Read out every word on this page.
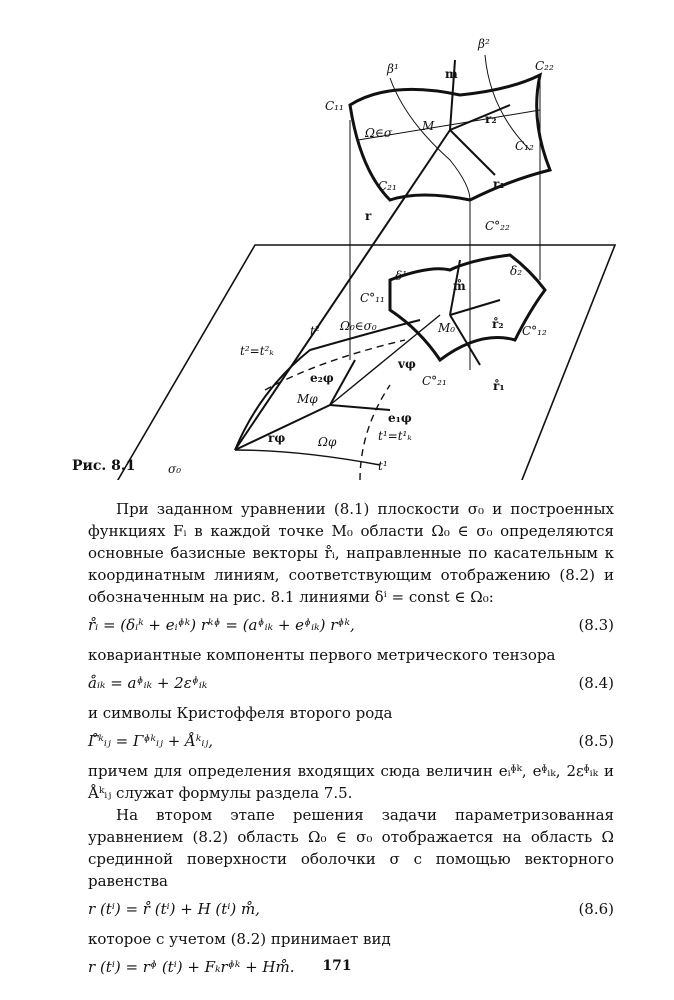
β¹
β²
m
C₂₂
C₁₁
Ω∈σ M	r₂
C₁₂
C₂₁	r₁
r
C°₂₂
δ¹	δ₂
m̊
C°₁₁
Ω₀∈σ₀	M₀	r̊₂ C°₁₂
C°₂₁	r̊₁
t²=t²ₖ
t²
vφ
e₂φ
Mφ
e₁φ
t¹=t¹ₖ
rφ	Ωφ
t¹
σ₀
Рис. 8.1

При заданном уравнении (8.1) плоскости σ₀ и построенных функциях Fᵢ в каждой точке M₀ области Ω₀ ∈ σ₀ определяются основные базисные векторы r̊ᵢ, направленные по касательным к координатным линиям, соответствующим отображению (8.2) и обозначенным на рис. 8.1 линиями δⁱ = const ∈ Ω₀:

r̊ᵢ = (δᵢᵏ + eᵢᶲᵏ) rᵏᶲ = (aᶲᵢₖ + eᶲᵢₖ) rᶲᵏ,	(8.3)

ковариантные компоненты первого метрического тензора

åᵢₖ = aᶲᵢₖ + 2εᶲᵢₖ	(8.4)

и символы Кристоффеля второго рода

Γ̊ᵏᵢⱼ = Γᶲᵏᵢⱼ + Åᵏᵢⱼ,	(8.5)

причем для определения входящих сюда величин eᵢᶲᵏ, eᶲᵢₖ, 2εᶲᵢₖ и Åᵏᵢⱼ служат формулы раздела 7.5.

На втором этапе решения задачи параметризованная уравнением (8.2) область Ω₀ ∈ σ₀ отображается на область Ω срединной поверхности оболочки σ с помощью векторного равенства

r (tⁱ) = r̊ (tⁱ) + H (tⁱ) m̊,	(8.6)

которое с учетом (8.2) принимает вид

r (tⁱ) = rᶲ (tⁱ) + Fₖrᶲᵏ + Hm̊.	171
